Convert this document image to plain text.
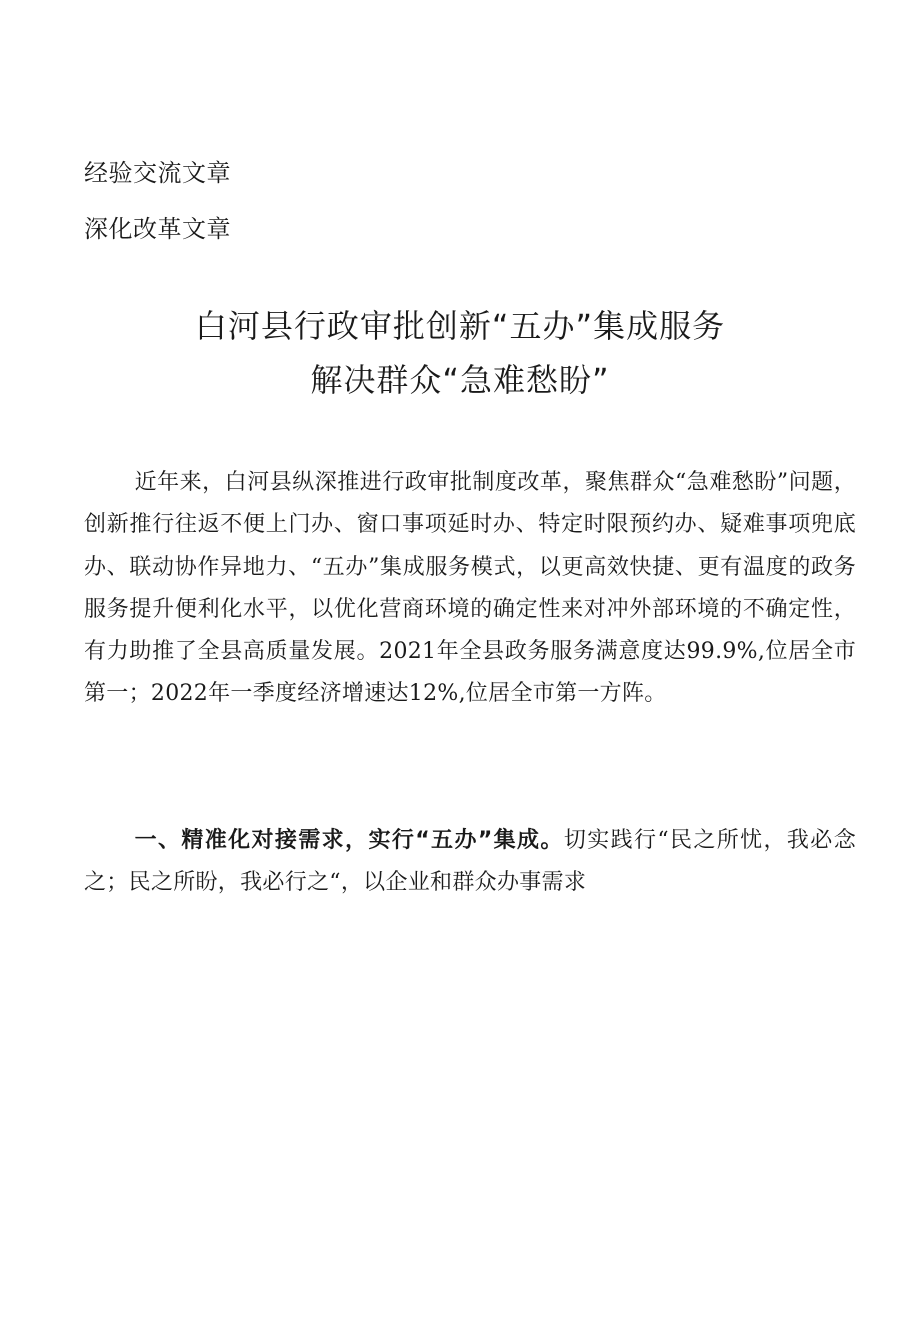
经验交流文章
深化改革文章
白河县行政审批创新“五办”集成服务
解决群众“急难愁盼”

近年来，白河县纵深推进行政审批制度改革，聚焦群众“急难愁盼”问题，创新推行往返不便上门办、窗口事项延时办、特定时限预约办、疑难事项兜底办、联动协作异地力、“五办”集成服务模式，以更高效快捷、更有温度的政务服务提升便利化水平，以优化营商环境的确定性来对冲外部环境的不确定性，有力助推了全县高质量发展。2021年全县政务服务满意度达99.9%,位居全市第一；2022年一季度经济增速达12%,位居全市第一方阵。

一、精准化对接需求，实行“五办”集成。切实践行“民之所忧，我必念之；民之所盼，我必行之“，以企业和群众办事需求
